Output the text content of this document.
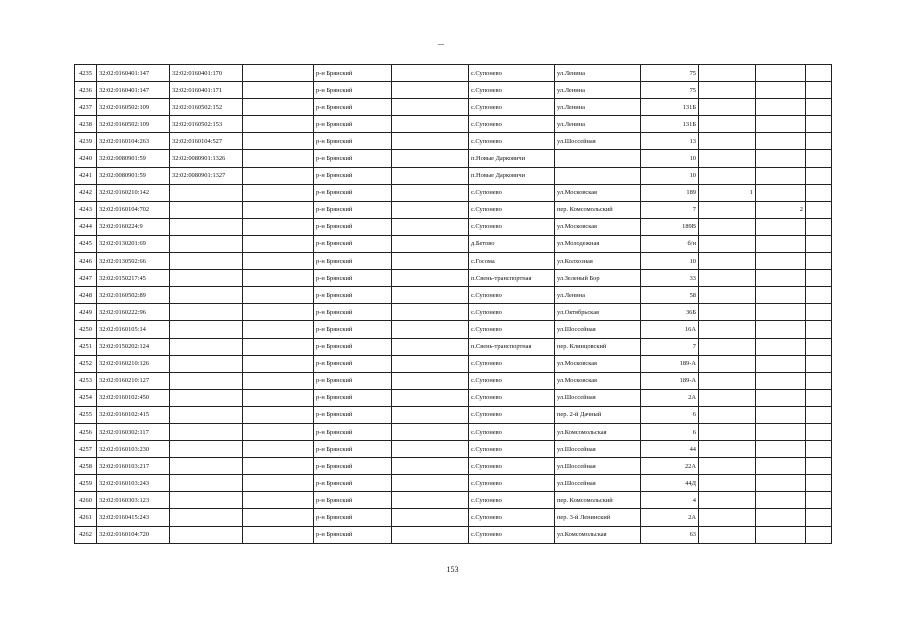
4235	32:02:0160401:147	32:02:0160401:170		р-н Брянский		с.Супонево	ул.Ленина	75			
4236	32:02:0160401:147	32:02:0160401:171		р-н Брянский		с.Супонево	ул.Ленина	75			
4237	32:02:0160502:109	32:02:0160502:152		р-н Брянский		с.Супонево	ул.Ленина	131Б			
4238	32:02:0160502:109	32:02:0160502:153		р-н Брянский		с.Супонево	ул.Ленина	131Б			
4239	32:02:0160104:263	32:02:0160104:527		р-н Брянский		с.Супонево	ул.Шоссейная	13			
4240	32:02:0080901:59	32:02:0080901:1326		р-н Брянский		п.Новые Дарковичи		10			
4241	32:02:0080901:59	32:02:0080901:1327		р-н Брянский		п.Новые Дарковичи		10			
4242	32:02:0160210:142			р-н Брянский		с.Супонево	ул.Московская	189	1		
4243	32:02:0160104:702			р-н Брянский		с.Супонево	пер. Комсомольский	7		2	
4244	32:02:0160224:9			р-н Брянский		с.Супонево	ул.Московская	189В			
4245	32:02:0130201:69			р-н Брянский		д.Бетово	ул.Молодежная	б/н			
4246	32:02:0130502:66			р-н Брянский		с.Госома	ул.Колхозная	10			
4247	32:02:0150217:45			р-н Брянский		п.Свень-транспортная	ул.Зеленый Бор	33			
4248	32:02:0160502:89			р-н Брянский		с.Супонево	ул.Ленина	58			
4249	32:02:0160222:96			р-н Брянский		с.Супонево	ул.Октябрьская	36Б			
4250	32:02:0160105:14			р-н Брянский		с.Супонево	ул.Шоссейная	16А			
4251	32:02:0150202:124			р-н Брянский		п.Свень-транспортная	пер. Клинцовский	7			
4252	32:02:0160210:126			р-н Брянский		с.Супонево	ул.Московская	189-А			
4253	32:02:0160210:127			р-н Брянский		с.Супонево	ул.Московская	189-А			
4254	32:02:0160102:450			р-н Брянский		с.Супонево	ул.Шоссейная	2А			
4255	32:02:0160102:415			р-н Брянский		с.Супонево	пер. 2-й Дачный	6			
4256	32:02:0160302:117			р-н Брянский		с.Супонево	ул.Комсомольская	6			
4257	32:02:0160103:230			р-н Брянский		с.Супонево	ул.Шоссейная	44			
4258	32:02:0160103:217			р-н Брянский		с.Супонево	ул.Шоссейная	22А			
4259	32:02:0160103:243			р-н Брянский		с.Супонево	ул.Шоссейная	44Д			
4260	32:02:0160303:123			р-н Брянский		с.Супонево	пер. Комсомольский	4			
4261	32:02:0160415:243			р-н Брянский		с.Супонево	пер. 3-й Ленинский	2А			
4262	32:02:0160104:720			р-н Брянский		с.Супонево	ул.Комсомольская	63			
153
